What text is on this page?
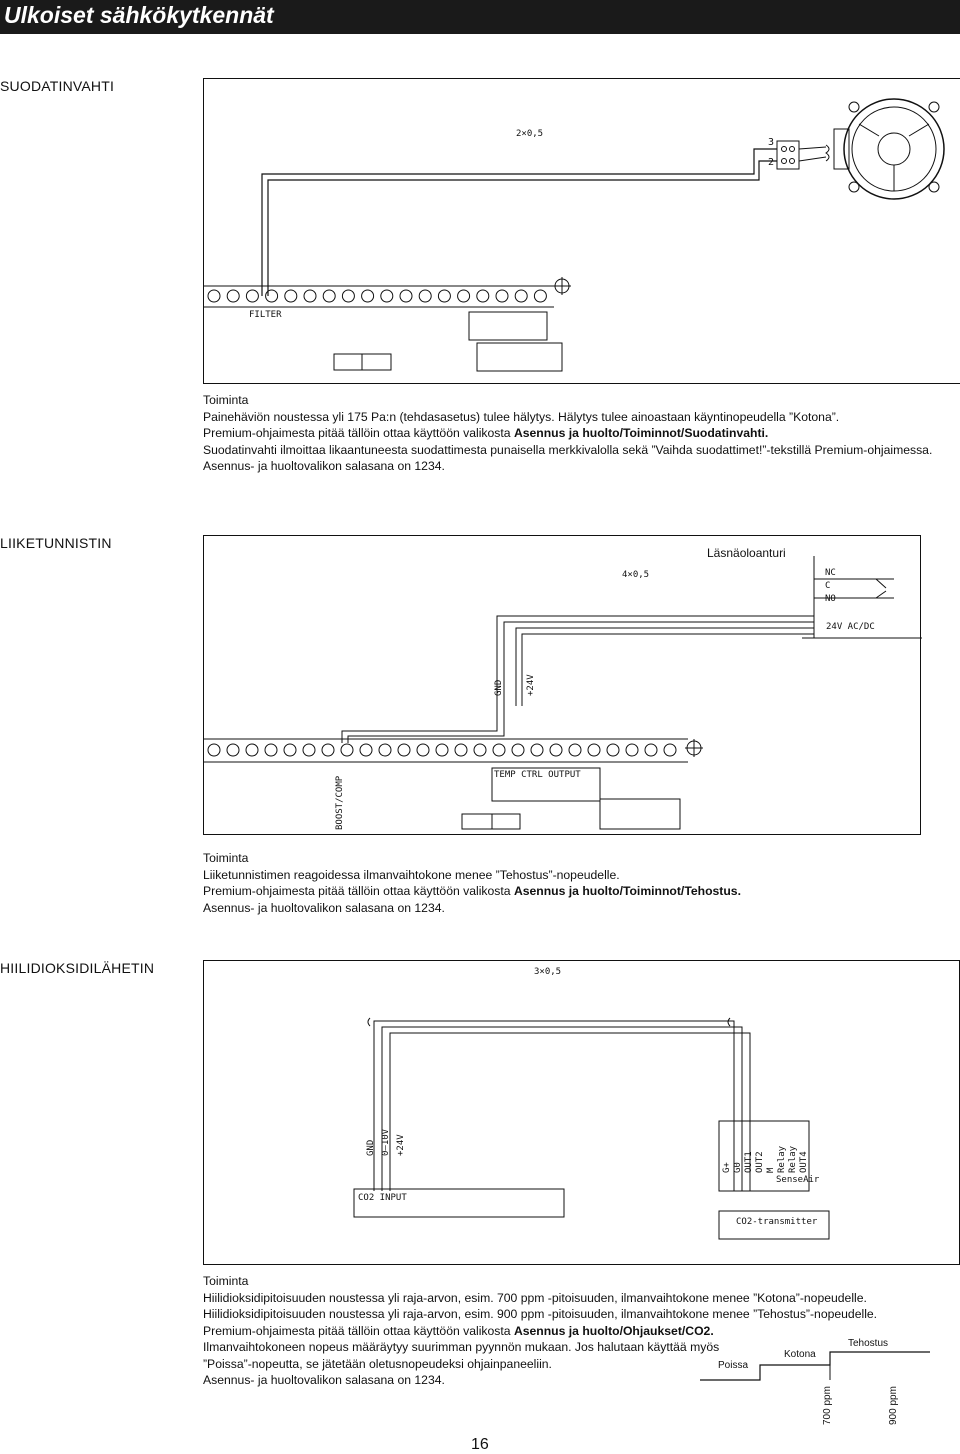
Ulkoiset sähkökytkennät
SUODATINVAHTI
2×0,5
3
2
FILTER
Toiminta
Painehäviön noustessa yli 175 Pa:n (tehdasasetus) tulee hälytys. Hälytys tulee ainoastaan käyntinopeudella ”Kotona”.
Premium-ohjaimesta pitää tällöin ottaa käyttöön valikosta Asennus ja huolto/Toiminnot/Suodatinvahti.
Suodatinvahti ilmoittaa likaantuneesta suodattimesta punaisella merkkivalolla sekä ”Vaihda suodattimet!”-tekstillä Premium-ohjaimessa.
Asennus- ja huoltovalikon salasana on 1234.
LIIKETUNNISTIN
Läsnäoloanturi
4×0,5	NC
C
NO
24V AC/DC
GND +24V
TEMP CTRL OUTPUT
BOOST/COMP
Toiminta
Liiketunnistimen reagoidessa ilmanvaihtokone menee ”Tehostus”-nopeudelle.
Premium-ohjaimesta pitää tällöin ottaa käyttöön valikosta Asennus ja huolto/Toiminnot/Tehostus.
Asennus- ja huoltovalikon salasana on 1234.
HIILIDIOKSIDILÄHETIN	3×0,5
GND 0–10V +24V
CO2 INPUT
G+ G0 OUT1 OUT2 M Relay Relay OUT4
SenseAir
CO2-transmitter
Toiminta
Hiilidioksidipitoisuuden noustessa yli raja-arvon, esim. 700 ppm -pitoisuuden, ilmanvaihtokone menee ”Kotona”-nopeudelle.
Hiilidioksidipitoisuuden noustessa yli raja-arvon, esim. 900 ppm -pitoisuuden, ilmanvaihtokone menee ”Tehostus”-nopeudelle.
Premium-ohjaimesta pitää tällöin ottaa käyttöön valikosta Asennus ja huolto/Ohjaukset/CO2.
Ilmanvaihtokoneen nopeus määräytyy suurimman pyynnön mukaan. Jos halutaan käyttää myös
”Poissa”-nopeutta, se jätetään oletusnopeudeksi ohjainpaneeliin.
Asennus- ja huoltovalikon salasana on 1234.
Poissa
Kotona
Tehostus
700 ppm	900 ppm
16
